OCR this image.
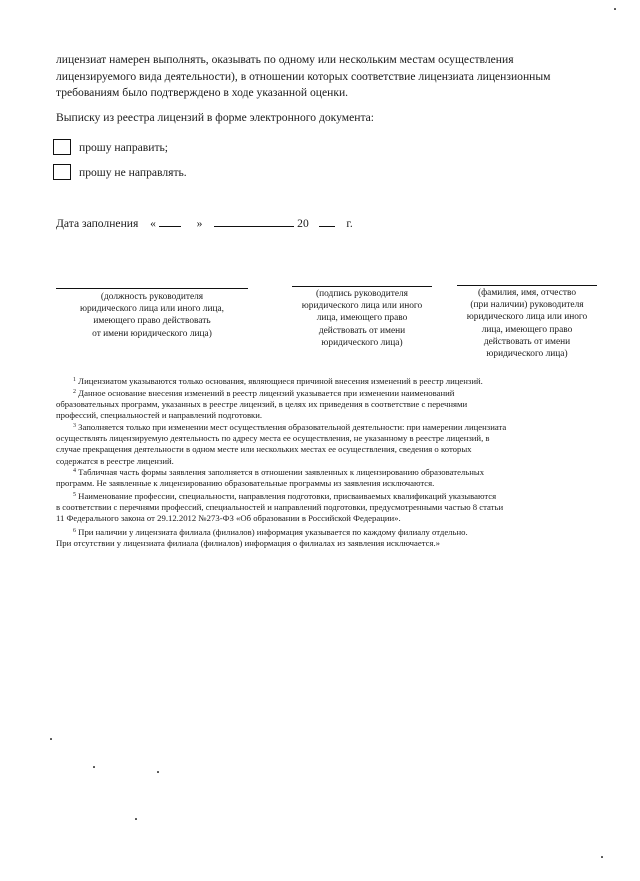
лицензиат намерен выполнять, оказывать по одному или нескольким местам осуществления
лицензируемого вида деятельности), в отношении которых соответствие лицензиата лицензионным
требованиям было подтверждено в ходе указанной оценки.
Выписку из реестра лицензий в форме электронного документа:
прошу направить;
прошу не направлять.
Дата заполнения «	»	20	г.
(должность руководителя
юридического лица или иного лица,
имеющего право действовать
от имени юридического лица)
(подпись руководителя
юридического лица или иного
лица, имеющего право
действовать от имени
юридического лица)
(фамилия, имя, отчество
(при наличии) руководителя
юридического лица или иного
лица, имеющего право
действовать от имени
юридического лица)
$^1$ Лицензиатом указываются только основания, являющиеся причиной внесения изменений в реестр лицензий.
$^2$ Данное основание внесения изменений в реестр лицензий указывается при изменении наименований
образовательных программ, указанных в реестре лицензий, в целях их приведения в соответствие с перечнями
профессий, специальностей и направлений подготовки.
$^3$ Заполняется только при изменении мест осуществления образовательной деятельности: при намерении лицензиата
осуществлять лицензируемую деятельность по адресу места ее осуществления, не указанному в реестре лицензий, в
случае прекращения деятельности в одном месте или нескольких местах ее осуществления, сведения о которых
содержатся в реестре лицензий.
$^4$ Табличная часть формы заявления заполняется в отношении заявленных к лицензированию образовательных
программ. Не заявленные к лицензированию образовательные программы из заявления исключаются.
$^5$ Наименование профессии, специальности, направления подготовки, присваиваемых квалификаций указываются
в соответствии с перечнями профессий, специальностей и направлений подготовки, предусмотренными частью 8 статьи
11 Федерального закона от 29.12.2012 №273-ФЗ «Об образовании в Российской Федерации».
$^6$ При наличии у лицензиата филиала (филиалов) информация указывается по каждому филиалу отдельно.
При отсутствии у лицензиата филиала (филиалов) информация о филиалах из заявления исключается.»
